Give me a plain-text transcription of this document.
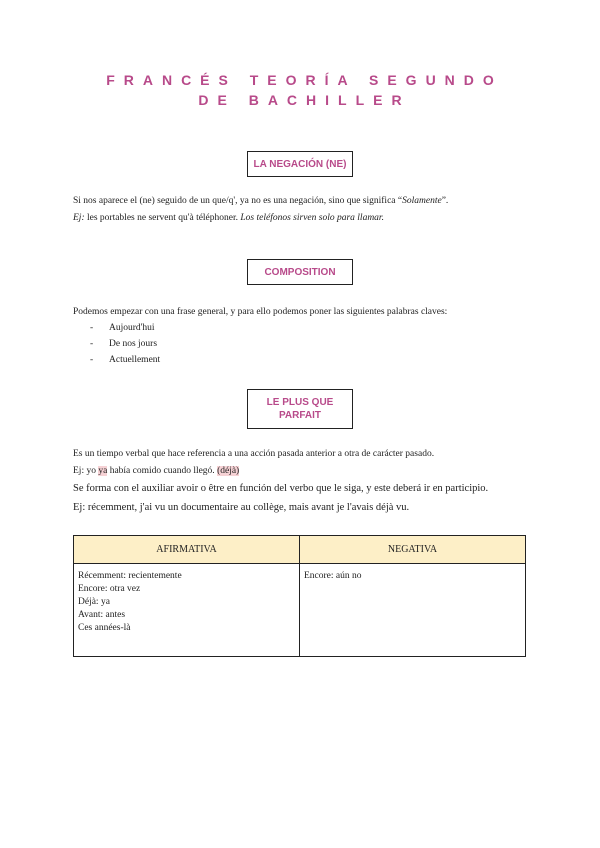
FRANCÉS TEORÍA SEGUNDO
DE BACHILLER
LA NEGACIÓN (NE)
Si nos aparece el (ne) seguido de un que/q', ya no es una negación, sino que significa “Solamente”.
Ej: les portables ne servent qu'à téléphoner. Los teléfonos sirven solo para llamar.
COMPOSITION
Podemos empezar con una frase general, y para ello podemos poner las siguientes palabras claves:
- Aujourd'hui
- De nos jours
- Actuellement
LE PLUS QUE
PARFAIT
Es un tiempo verbal que hace referencia a una acción pasada anterior a otra de carácter pasado.
Ej: yo ya había comido cuando llegó. (déjà)
Se forma con el auxiliar avoir o être en función del verbo que le siga, y este deberá ir en participio.
Ej: récemment, j'ai vu un documentaire au collège, mais avant je l'avais déjà vu.
AFIRMATIVA	NEGATIVA

Récemment: recientemente
Encore: otra vez
Déjà: ya
Avant: antes
Ces années-là	Encore: aún no
